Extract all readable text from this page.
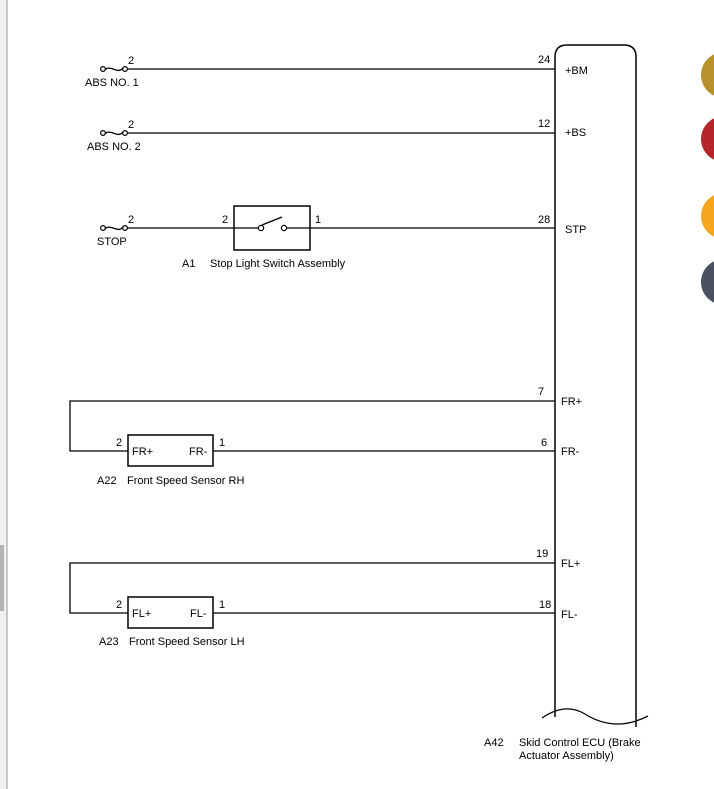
2
ABS NO. 1
24
+BM
2
ABS NO. 2
12
+BS
2
STOP
2	1
A1 Stop Light Switch Assembly
28
STP
FR+	FR-
2	1
A22 Front Speed Sensor RH
7
FR+
6
FR-
FL+	FL-
2	1
A23 Front Speed Sensor LH
19
FL+
18
FL-
A42 Skid Control ECU (Brake
Actuator Assembly)
